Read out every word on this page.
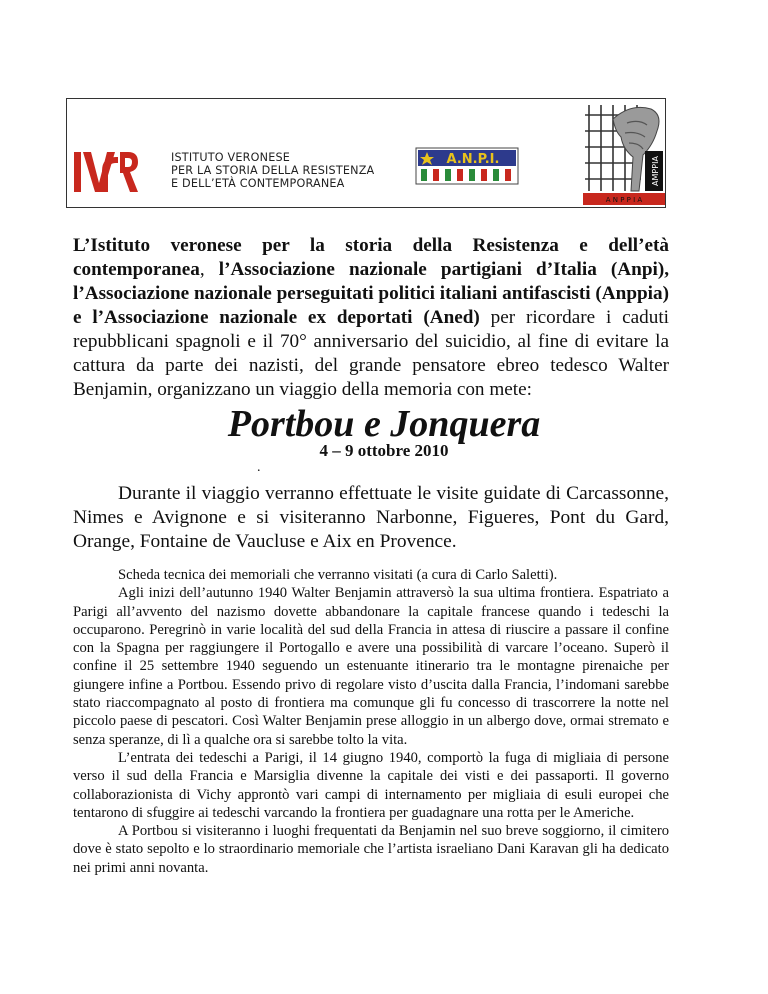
ISTITUTO VERONESE
PER LA STORIA DELLA RESISTENZA
E DELL’ETÀ CONTEMPORANEA
A.N.P.I.	AMPPIA
A N P P I A
L’Istituto veronese per la storia della Resistenza e dell’età contemporanea, l’Associazione nazionale partigiani d’Italia (Anpi), l’Associazione nazionale perseguitati politici italiani antifascisti (Anppia) e l’Associazione nazionale ex deportati (Aned) per ricordare i caduti repubblicani spagnoli e il 70° anniversario del suicidio, al fine di evitare la cattura da parte dei nazisti, del grande pensatore ebreo tedesco Walter Benjamin, organizzano un viaggio della memoria con mete:
Portbou e Jonquera
4 – 9 ottobre 2010
.
Durante il viaggio verranno effettuate le visite guidate di Carcassonne, Nimes e Avignone e si visiteranno Narbonne, Figueres, Pont du Gard, Orange, Fontaine de Vaucluse e Aix en Provence.

Scheda tecnica dei memoriali che verranno visitati (a cura di Carlo Saletti).

Agli inizi dell’autunno 1940 Walter Benjamin attraversò la sua ultima frontiera. Espatriato a Parigi all’avvento del nazismo dovette abbandonare la capitale francese quando i tedeschi la occuparono. Peregrinò in varie località del sud della Francia in attesa di riuscire a passare il confine con la Spagna per raggiungere il Portogallo e avere una possibilità di varcare l’oceano. Superò il confine il 25 settembre 1940 seguendo un estenuante itinerario tra le montagne pirenaiche per giungere infine a Portbou. Essendo privo di regolare visto d’uscita dalla Francia, l’indomani sarebbe stato riaccompagnato al posto di frontiera ma comunque gli fu concesso di trascorrere la notte nel piccolo paese di pescatori. Così Walter Benjamin prese alloggio in un albergo dove, ormai stremato e senza speranze, di lì a qualche ora si sarebbe tolto la vita.

L’entrata dei tedeschi a Parigi, il 14 giugno 1940, comportò la fuga di migliaia di persone verso il sud della Francia e Marsiglia divenne la capitale dei visti e dei passaporti. Il governo collaborazionista di Vichy approntò vari campi di internamento per migliaia di esuli europei che tentarono di sfuggire ai tedeschi varcando la frontiera per guadagnare una rotta per le Americhe.

A Portbou si visiteranno i luoghi frequentati da Benjamin nel suo breve soggiorno, il cimitero dove è stato sepolto e lo straordinario memoriale che l’artista israeliano Dani Karavan gli ha dedicato nei primi anni novanta.
